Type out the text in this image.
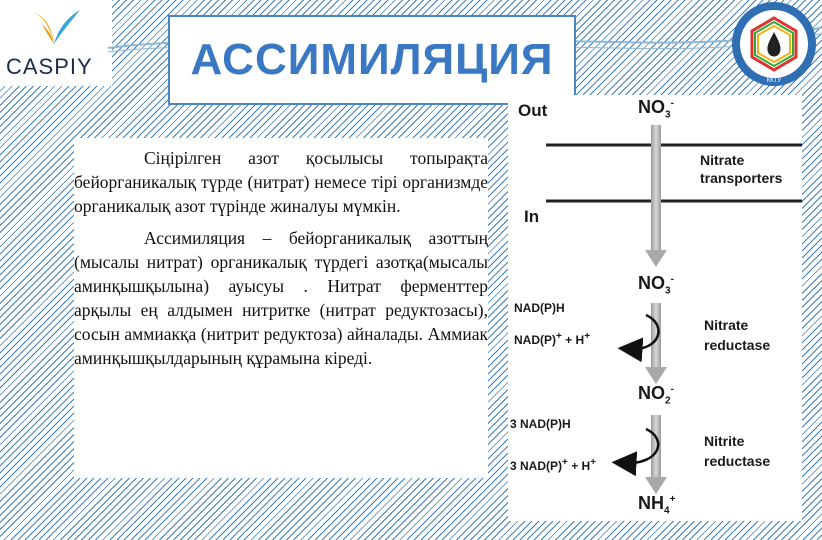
CASPIY АССИМИЛЯЦИЯ	ККТУ

Сіңірілген азот қосылысы топырақта бейорганикалық түрде (нитрат) немесе тірі организмде органикалық азот түрінде жиналуы мүмкін.

Ассимиляция – бейорганикалық азоттың (мысалы нитрат) органикалық түрдегі азотқа(мысалы аминқышқылына) ауысуы . Нитрат ферменттер арқылы ең алдымен нитритке (нитрат редуктозасы), сосын аммиакқа (нитрит редуктоза) айналады. Аммиак аминқышқылдарының құрамына кіреді.

Out
In
$NO_3^-$
Nitrate
transporters
$NO_3^-$
NAD(P)H
NAD(P)+ + H+
Nitrate
reductase
$NO_2^-$
3 NAD(P)H
3 NAD(P)+ + H+
Nitrite
reductase
$NH_4^+$
